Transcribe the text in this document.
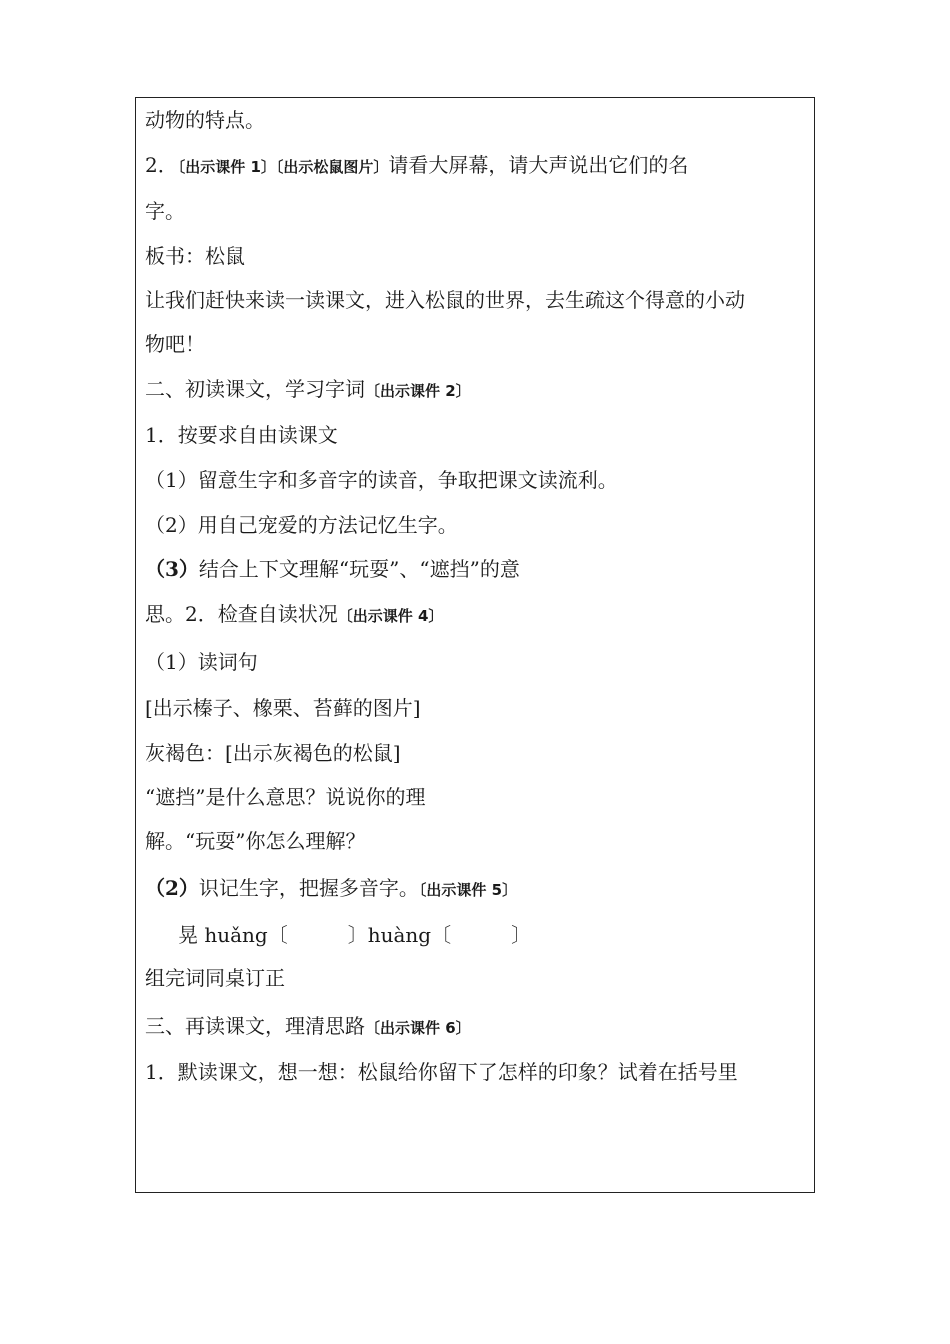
动物的特点。
2．〔出示课件 1〕〔出示松鼠图片〕请看大屏幕，请大声说出它们的名
字。
板书：松鼠
让我们赶快来读一读课文，进入松鼠的世界，去生疏这个得意的小动
物吧！
二、初读课文，学习字词〔出示课件 2〕
1．按要求自由读课文
（1）留意生字和多音字的读音，争取把课文读流利。
（2）用自己宠爱的方法记忆生字。
（3）结合上下文理解“玩耍”、“遮挡”的意
思。2．检查自读状况〔出示课件 4〕
（1）读词句
[出示榛子、橡栗、苔藓的图片]
灰褐色：[出示灰褐色的松鼠]
“遮挡”是什么意思？说说你的理
解。“玩耍”你怎么理解？
（2）识记生字，把握多音字。〔出示课件 5〕
晃 huǎng〔　　　〕huàng〔　　　〕
组完词同桌订正
三、再读课文，理清思路〔出示课件 6〕
1．默读课文，想一想：松鼠给你留下了怎样的印象？试着在括号里
